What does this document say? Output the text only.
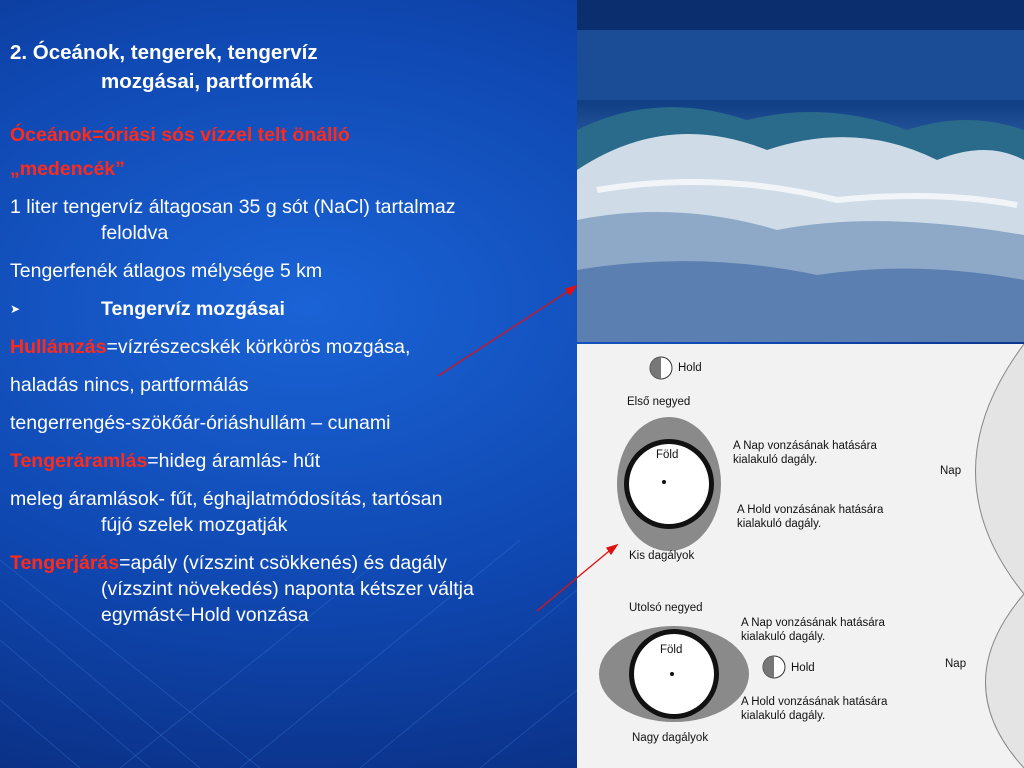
2. Óceánok, tengerek, tengervíz
mozgásai, partformák
Óceánok=óriási sós vízzel telt önálló
„medencék”
1 liter tengervíz áltagosan 35 g sót (NaCl) tartalmaz
feloldva
Tengerfenék átlagos mélysége 5 km
➤	Tengervíz mozgásai
Hullámzás=vízrészecskék körkörös mozgása,
haladás nincs, partformálás
tengerrengés-szökőár-óriáshullám – cunami
Tengeráramlás=hideg áramlás- hűt
meleg áramlások- fűt, éghajlatmódosítás, tartósan
fújó szelek mozgatják
Tengerjárás=apály (vízszint csökkenés) és dagály
(vízszint növekedés) naponta kétszer váltja
egymást🡠Hold vonzása
Hold
Első negyed
Föld
A Nap vonzásának hatására
kialakuló dagály.
A Hold vonzásának hatására
kialakuló dagály.
Nap
Kis dagályok
Utolsó negyed
Föld
A Nap vonzásának hatására
kialakuló dagály.
Hold	Nap
A Hold vonzásának hatására
kialakuló dagály.
Nagy dagályok
